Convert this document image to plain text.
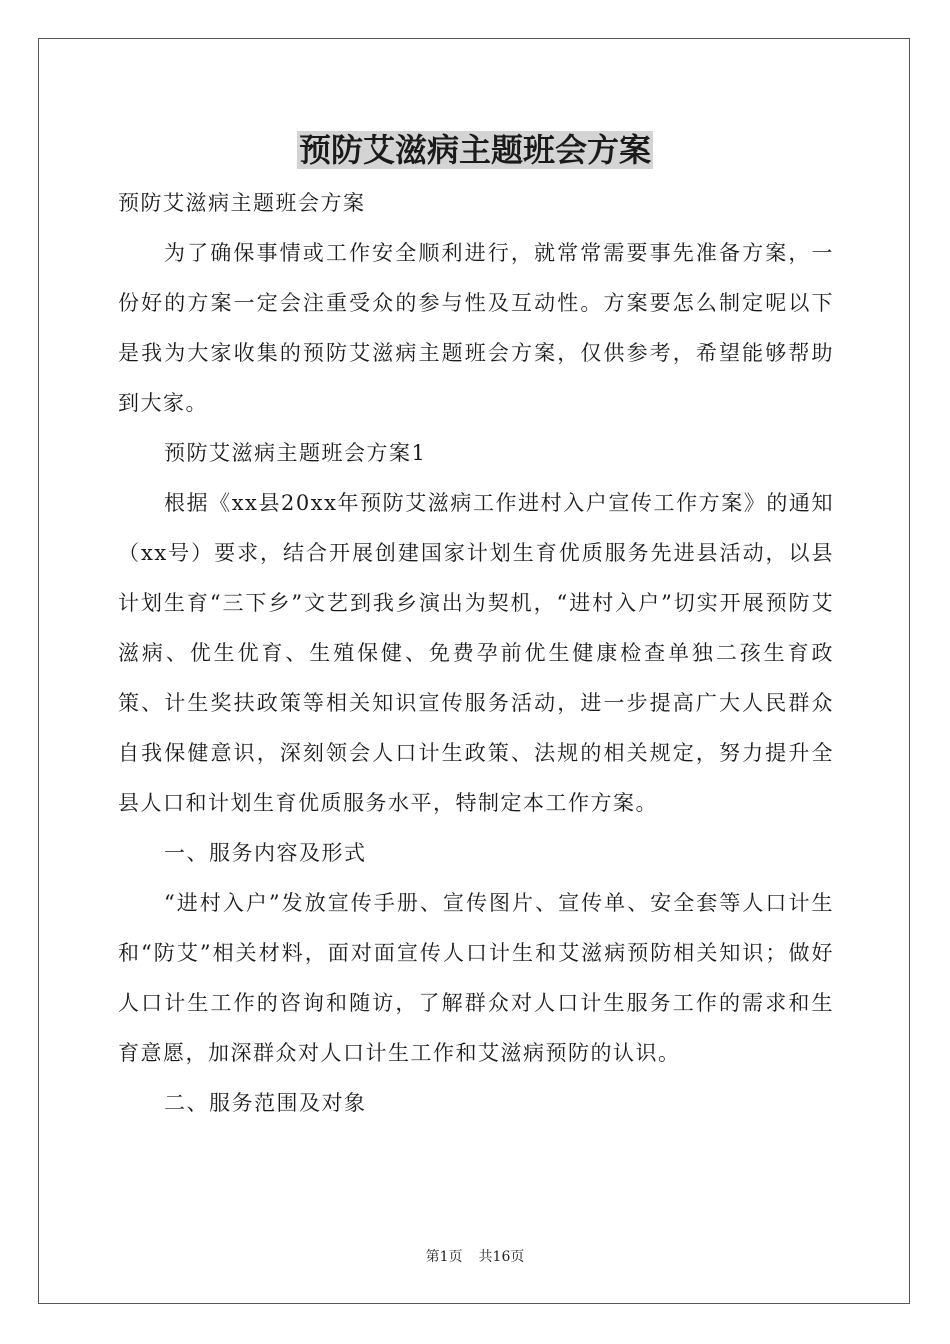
预防艾滋病主题班会方案

预防艾滋病主题班会方案

为了确保事情或工作安全顺利进行，就常常需要事先准备方案，一份好的方案一定会注重受众的参与性及互动性。方案要怎么制定呢以下是我为大家收集的预防艾滋病主题班会方案，仅供参考，希望能够帮助到大家。

预防艾滋病主题班会方案1

根据《xx县20xx年预防艾滋病工作进村入户宣传工作方案》的通知（xx号）要求，结合开展创建国家计划生育优质服务先进县活动，以县计划生育“三下乡”文艺到我乡演出为契机，“进村入户”切实开展预防艾滋病、优生优育、生殖保健、免费孕前优生健康检查单独二孩生育政策、计生奖扶政策等相关知识宣传服务活动，进一步提高广大人民群众自我保健意识，深刻领会人口计生政策、法规的相关规定，努力提升全县人口和计划生育优质服务水平，特制定本工作方案。

一、服务内容及形式

“进村入户”发放宣传手册、宣传图片、宣传单、安全套等人口计生和“防艾”相关材料，面对面宣传人口计生和艾滋病预防相关知识；做好人口计生工作的咨询和随访，了解群众对人口计生服务工作的需求和生育意愿，加深群众对人口计生工作和艾滋病预防的认识。

二、服务范围及对象

第1页 共16页
